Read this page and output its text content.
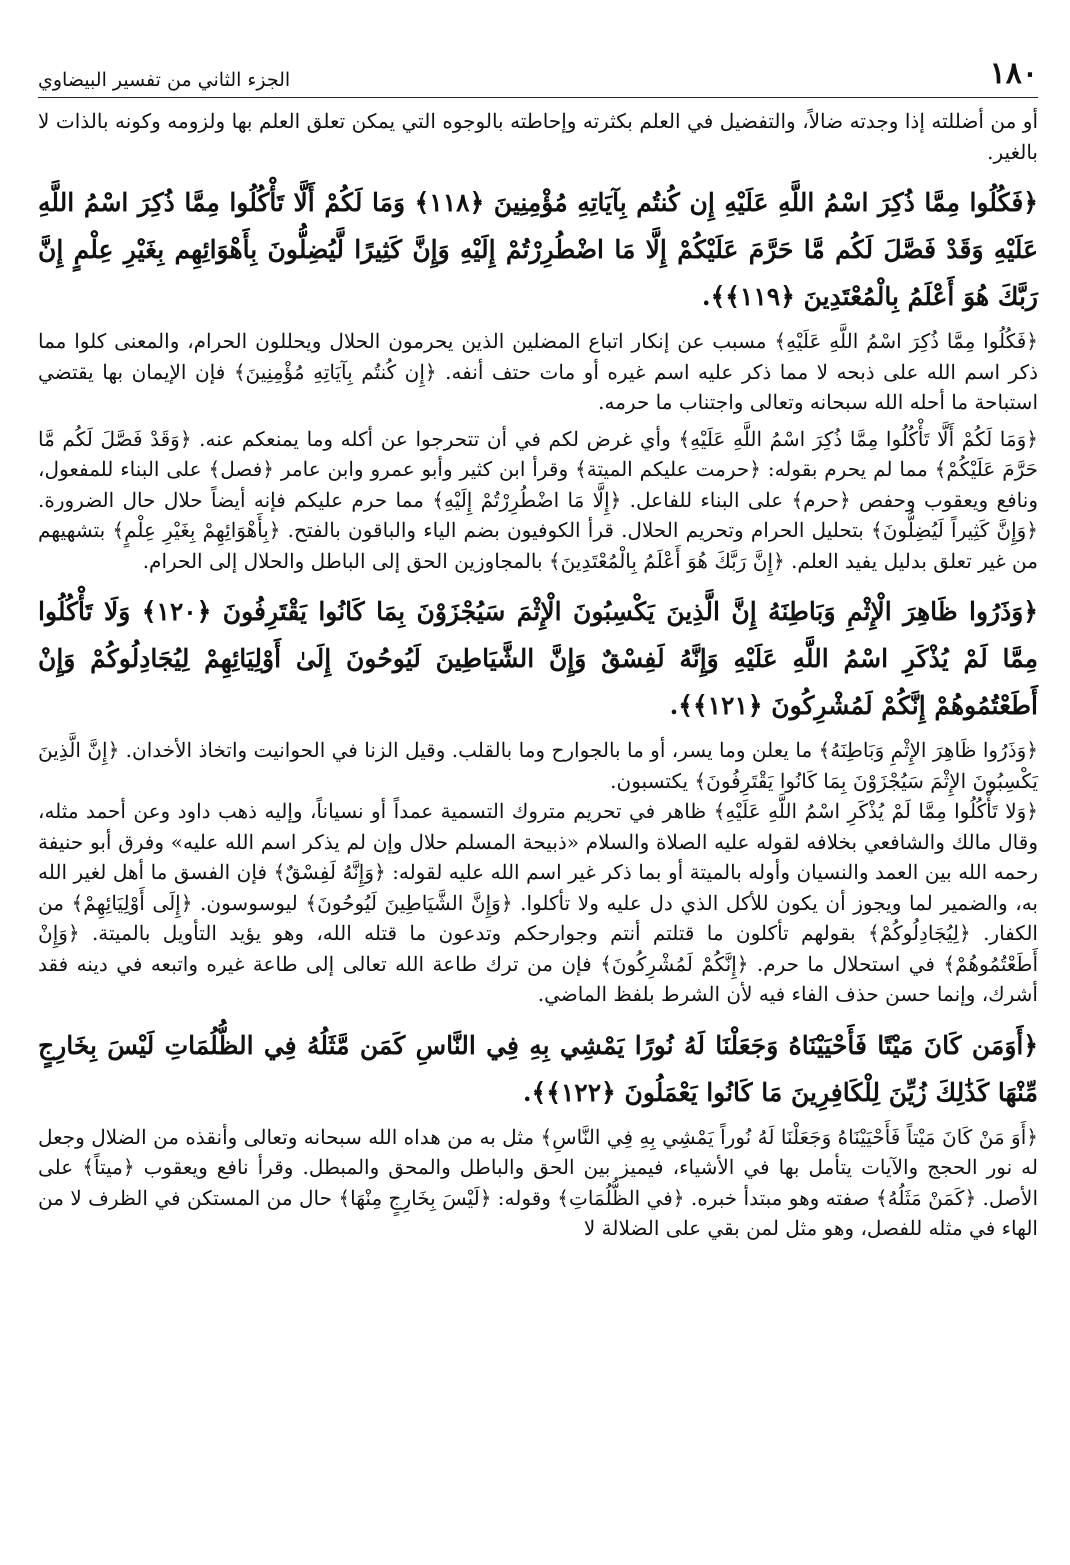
١٨٠
الجزء الثاني من تفسير البيضاوي

أو من أضللته إذا وجدته ضالاً، والتفضيل في العلم بكثرته وإحاطته بالوجوه التي يمكن تعلق العلم بها ولزومه وكونه بالذات لا بالغير.

﴿فَكُلُوا مِمَّا ذُكِرَ اسْمُ اللَّهِ عَلَيْهِ إِن كُنتُم بِآيَاتِهِ مُؤْمِنِينَ ﴿١١٨﴾ وَمَا لَكُمْ أَلَّا تَأْكُلُوا مِمَّا ذُكِرَ اسْمُ اللَّهِ عَلَيْهِ وَقَدْ فَصَّلَ لَكُم مَّا حَرَّمَ عَلَيْكُمْ إِلَّا مَا اضْطُرِرْتُمْ إِلَيْهِ وَإِنَّ كَثِيرًا لَّيُضِلُّونَ بِأَهْوَائِهِم بِغَيْرِ عِلْمٍ إِنَّ رَبَّكَ هُوَ أَعْلَمُ بِالْمُعْتَدِينَ ﴿١١٩﴾﴾.

﴿فَكُلُوا مِمَّا ذُكِرَ اسْمُ اللَّهِ عَلَيْهِ﴾ مسبب عن إنكار اتباع المضلين الذين يحرمون الحلال ويحللون الحرام، والمعنى كلوا مما ذكر اسم الله على ذبحه لا مما ذكر عليه اسم غيره أو مات حتف أنفه. ﴿إِن كُنتُم بِآيَاتِهِ مُؤْمِنِينَ﴾ فإن الإيمان بها يقتضي استباحة ما أحله الله سبحانه وتعالى واجتناب ما حرمه.

﴿وَمَا لَكُمْ أَلَّا تَأْكُلُوا مِمَّا ذُكِرَ اسْمُ اللَّهِ عَلَيْهِ﴾ وأي غرض لكم في أن تتحرجوا عن أكله وما يمنعكم عنه. ﴿وَقَدْ فَصَّلَ لَكُم مَّا حَرَّمَ عَلَيْكُمْ﴾ مما لم يحرم بقوله: ﴿حرمت عليكم الميتة﴾ وقرأ ابن كثير وأبو عمرو وابن عامر ﴿فصل﴾ على البناء للمفعول، ونافع ويعقوب وحفص ﴿حرم﴾ على البناء للفاعل. ﴿إِلَّا مَا اضْطُرِرْتُمْ إِلَيْهِ﴾ مما حرم عليكم فإنه أيضاً حلال حال الضرورة. ﴿وَإِنَّ كَثِيراً لَيُضِلُّونَ﴾ بتحليل الحرام وتحريم الحلال. قرأ الكوفيون بضم الياء والباقون بالفتح. ﴿بِأَهْوَائِهِمْ بِغَيْرِ عِلْمٍ﴾ بتشهيهم من غير تعلق بدليل يفيد العلم. ﴿إِنَّ رَبَّكَ هُوَ أَعْلَمُ بِالْمُعْتَدِينَ﴾ بالمجاوزين الحق إلى الباطل والحلال إلى الحرام.

﴿وَذَرُوا ظَاهِرَ الْإِثْمِ وَبَاطِنَهُ إِنَّ الَّذِينَ يَكْسِبُونَ الْإِثْمَ سَيُجْزَوْنَ بِمَا كَانُوا يَقْتَرِفُونَ ﴿١٢٠﴾ وَلَا تَأْكُلُوا مِمَّا لَمْ يُذْكَرِ اسْمُ اللَّهِ عَلَيْهِ وَإِنَّهُ لَفِسْقٌ وَإِنَّ الشَّيَاطِينَ لَيُوحُونَ إِلَىٰ أَوْلِيَائِهِمْ لِيُجَادِلُوكُمْ وَإِنْ أَطَعْتُمُوهُمْ إِنَّكُمْ لَمُشْرِكُونَ ﴿١٢١﴾﴾.

﴿وَذَرُوا ظَاهِرَ الإِثْمِ وَبَاطِنَهُ﴾ ما يعلن وما يسر، أو ما بالجوارح وما بالقلب. وقيل الزنا في الحوانيت واتخاذ الأخدان. ﴿إِنَّ الَّذِينَ يَكْسِبُونَ الإِثْمَ سَيُجْزَوْنَ بِمَا كَانُوا يَقْتَرِفُونَ﴾ يكتسبون.

﴿وَلا تَأْكُلُوا مِمَّا لَمْ يُذْكَرِ اسْمُ اللَّهِ عَلَيْهِ﴾ ظاهر في تحريم متروك التسمية عمداً أو نسياناً، وإليه ذهب داود وعن أحمد مثله، وقال مالك والشافعي بخلافه لقوله عليه الصلاة والسلام «ذبيحة المسلم حلال وإن لم يذكر اسم الله عليه» وفرق أبو حنيفة رحمه الله بين العمد والنسيان وأوله بالميتة أو بما ذكر غير اسم الله عليه لقوله: ﴿وَإِنَّهُ لَفِسْقٌ﴾ فإن الفسق ما أهل لغير الله به، والضمير لما ويجوز أن يكون للأكل الذي دل عليه ولا تأكلوا. ﴿وَإِنَّ الشَّيَاطِينَ لَيُوحُونَ﴾ ليوسوسون. ﴿إِلَى أَوْلِيَائِهِمْ﴾ من الكفار. ﴿لِيُجَادِلُوكُمْ﴾ بقولهم تأكلون ما قتلتم أنتم وجوارحكم وتدعون ما قتله الله، وهو يؤيد التأويل بالميتة. ﴿وَإِنْ أَطَعْتُمُوهُمْ﴾ في استحلال ما حرم. ﴿إِنَّكُمْ لَمُشْرِكُونَ﴾ فإن من ترك طاعة الله تعالى إلى طاعة غيره واتبعه في دينه فقد أشرك، وإنما حسن حذف الفاء فيه لأن الشرط بلفظ الماضي.

﴿أَوَمَن كَانَ مَيْتًا فَأَحْيَيْنَاهُ وَجَعَلْنَا لَهُ نُورًا يَمْشِي بِهِ فِي النَّاسِ كَمَن مَّثَلُهُ فِي الظُّلُمَاتِ لَيْسَ بِخَارِجٍ مِّنْهَا كَذَٰلِكَ زُيِّنَ لِلْكَافِرِينَ مَا كَانُوا يَعْمَلُونَ ﴿١٢٢﴾﴾.

﴿أَوَ مَنْ كَانَ مَيْتاً فَأَحْيَيْنَاهُ وَجَعَلْنَا لَهُ نُوراً يَمْشِي بِهِ فِي النَّاسِ﴾ مثل به من هداه الله سبحانه وتعالى وأنقذه من الضلال وجعل له نور الحجج والآيات يتأمل بها في الأشياء، فيميز بين الحق والباطل والمحق والمبطل. وقرأ نافع ويعقوب ﴿ميتاً﴾ على الأصل. ﴿كَمَنْ مَثَلُهُ﴾ صفته وهو مبتدأ خبره. ﴿في الظُّلُمَاتِ﴾ وقوله: ﴿لَيْسَ بِخَارِجٍ مِنْهَا﴾ حال من المستكن في الظرف لا من الهاء في مثله للفصل، وهو مثل لمن بقي على الضلالة لا
